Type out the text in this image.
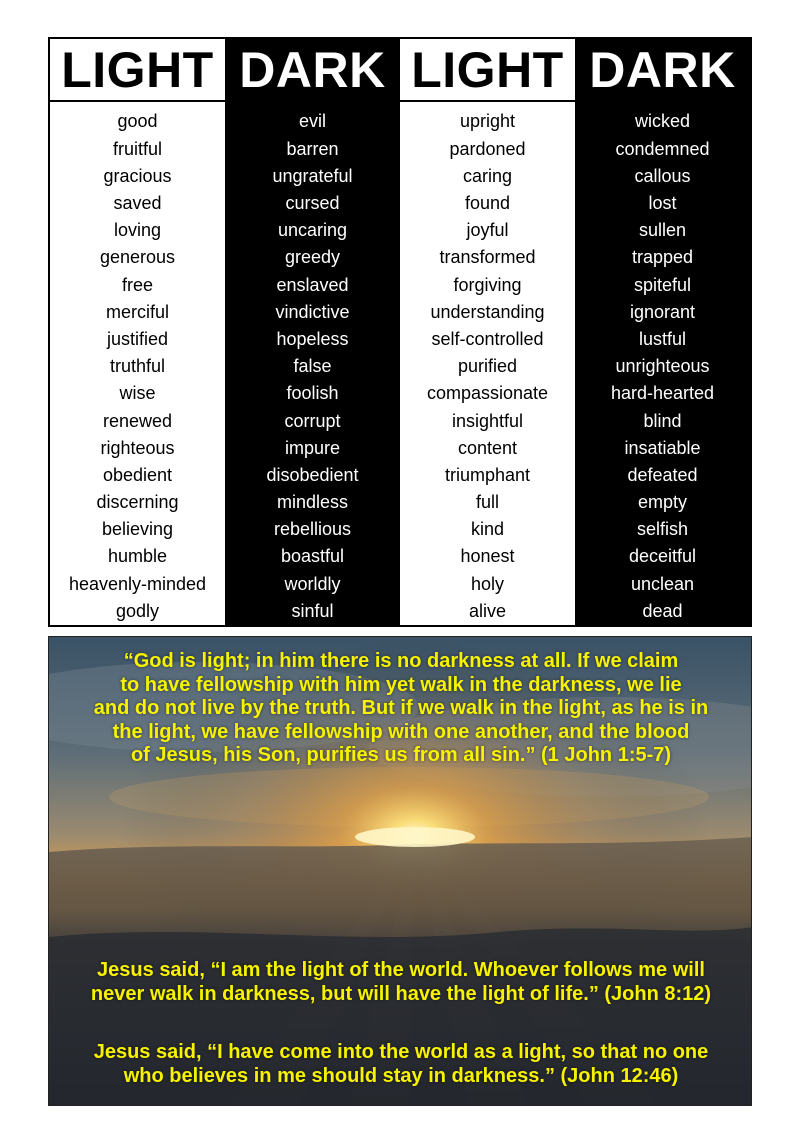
LIGHT
good
fruitful
gracious
saved
loving
generous
free
merciful
justified
truthful
wise
renewed
righteous
obedient
discerning
believing
humble
heavenly-minded
godly
DARK
evil
barren
ungrateful
cursed
uncaring
greedy
enslaved
vindictive
hopeless
false
foolish
corrupt
impure
disobedient
mindless
rebellious
boastful
worldly
sinful
LIGHT
upright
pardoned
caring
found
joyful
transformed
forgiving
understanding
self-controlled
purified
compassionate
insightful
content
triumphant
full
kind
honest
holy
alive
DARK
wicked
condemned
callous
lost
sullen
trapped
spiteful
ignorant
lustful
unrighteous
hard-hearted
blind
insatiable
defeated
empty
selfish
deceitful
unclean
dead
“God is light; in him there is no darkness at all. If we claim
to have fellowship with him yet walk in the darkness, we lie
and do not live by the truth. But if we walk in the light, as he is in
the light, we have fellowship with one another, and the blood
of Jesus, his Son, purifies us from all sin.” (1 John 1:5-7)
Jesus said, “I am the light of the world. Whoever follows me will
never walk in darkness, but will have the light of life.” (John 8:12)
Jesus said, “I have come into the world as a light, so that no one
who believes in me should stay in darkness.” (John 12:46)
